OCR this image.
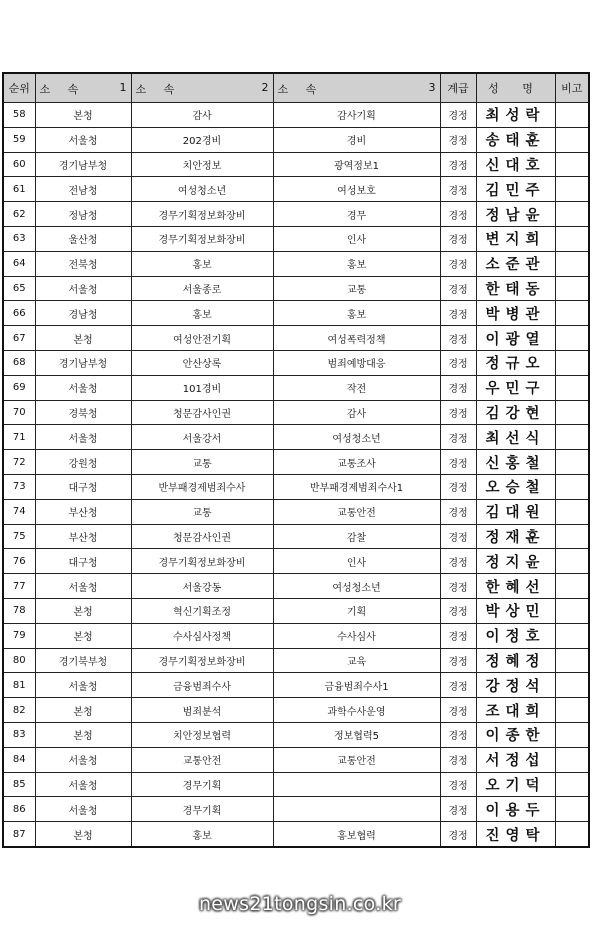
순위	소 속 1	소 속 2	소 속 3	계급	성 명	비고
58	본청	감사	감사기획	경정	최성락	
59	서울청	202경비	경비	경정	송태훈	
60	경기남부청	치안정보	광역정보1	경정	신대호	
61	전남청	여성청소년	여성보호	경정	김민주	
62	정남청	경무기획정보화장비	경무	경정	정남윤	
63	울산청	경무기획정보화장비	인사	경정	변지희	
64	전북청	홍보	홍보	경정	소준관	
65	서울청	서울종로	교통	경정	한태동	
66	경남청	홍보	홍보	경정	박병관	
67	본청	여성안전기획	여성폭력정책	경정	이광열	
68	경기남부청	안산상록	범죄예방대응	경정	정규오	
69	서울청	101경비	작전	경정	우민구	
70	경북청	청문감사인권	감사	경정	김강현	
71	서울청	서울강서	여성청소년	경정	최선식	
72	강원청	교통	교통조사	경정	신홍철	
73	대구청	반부패경제범죄수사	반부패경제범죄수사1	경정	오승철	
74	부산청	교통	교통안전	경정	김대원	
75	부산청	청문감사인권	감찰	경정	정재훈	
76	대구청	경무기획정보화장비	인사	경정	정지윤	
77	서울청	서울강동	여성청소년	경정	한혜선	
78	본청	혁신기획조정	기획	경정	박상민	
79	본청	수사심사정책	수사심사	경정	이정호	
80	경기북부청	경무기획정보화장비	교육	경정	정혜정	
81	서울청	금융범죄수사	금융범죄수사1	경정	강정석	
82	본청	범죄분석	과학수사운영	경정	조대희	
83	본청	치안정보협력	정보협력5	경정	이종한	
84	서울청	교통안전	교통안전	경정	서정섭	
85	서울청	경무기획		경정	오기덕	
86	서울청	경무기획		경정	이용두	
87	본청	홍보	홍보협력	경정	진영탁	
news21tongsin.co.kr
